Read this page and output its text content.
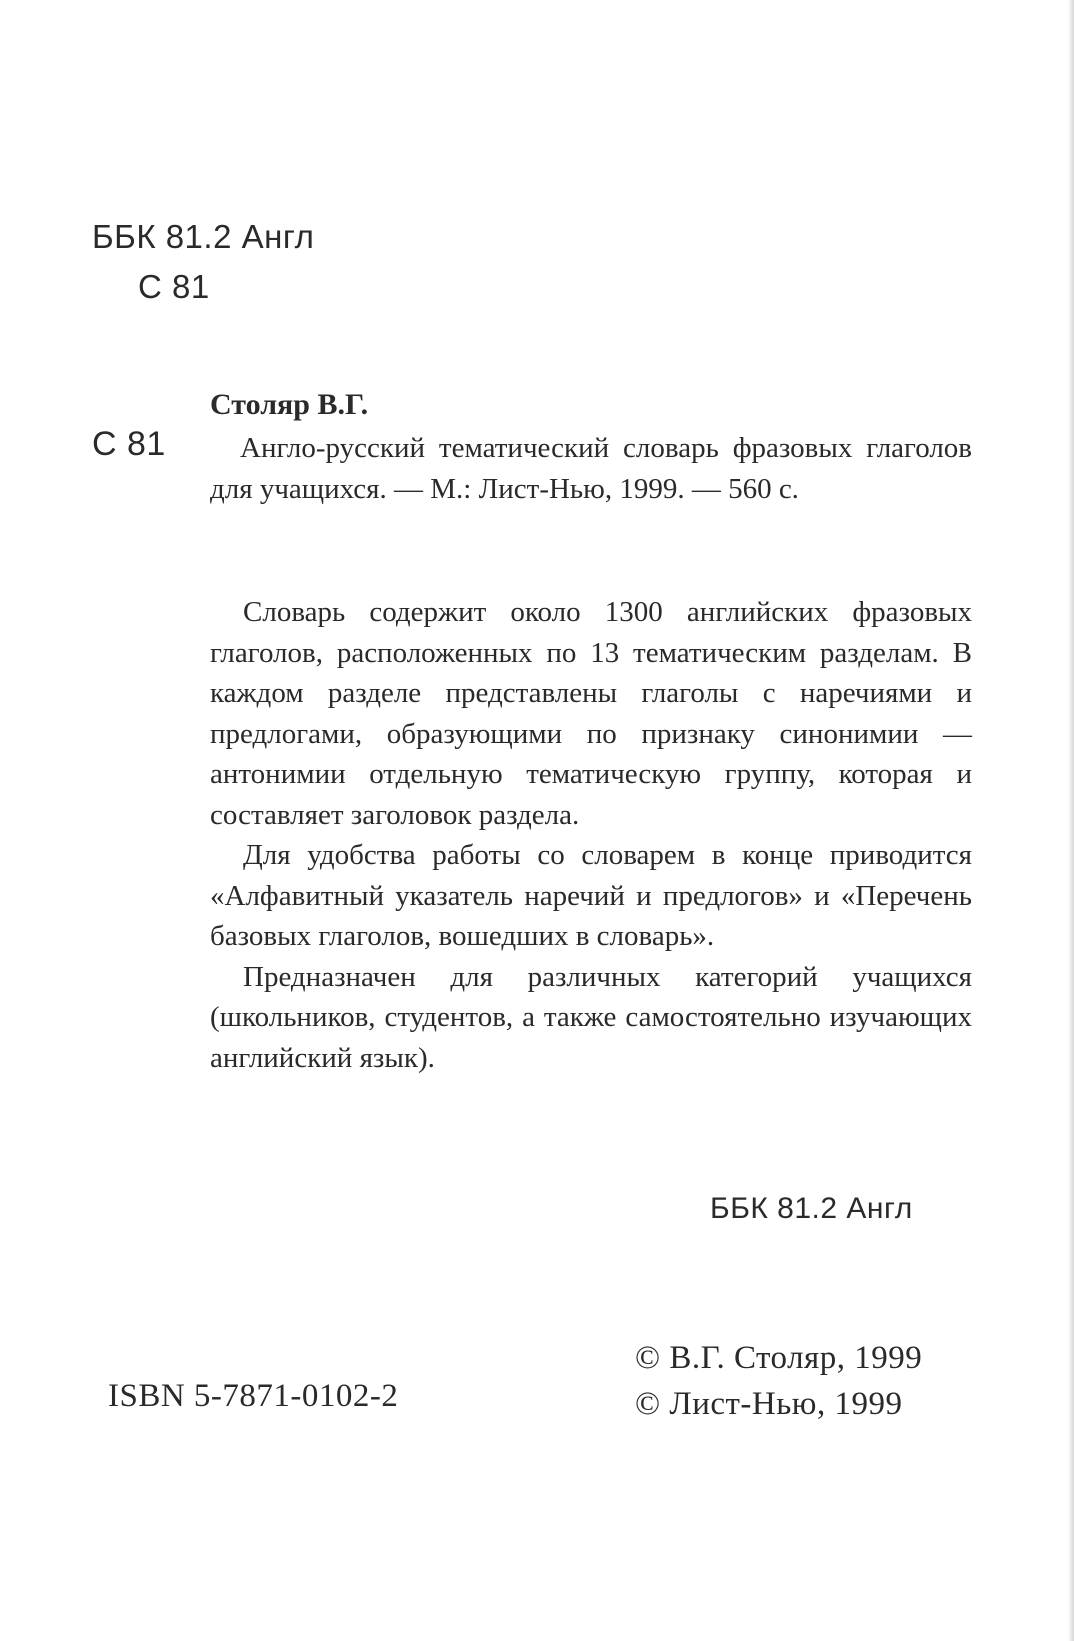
ББК 81.2 Англ
С 81
Столяр В.Г.
С 81	Англо-русский тематический словарь фразовых глаголов для учащихся. — М.: Лист-Нью, 1999. — 560 с.

Словарь содержит около 1300 английских фразовых глаголов, расположенных по 13 тематическим разделам. В каждом разделе представлены глаголы с наречиями и предлогами, образующими по признаку синонимии — антонимии отдельную тематическую группу, которая и составляет заголовок раздела.

Для удобства работы со словарем в конце приводится «Алфавитный указатель наречий и предлогов» и «Перечень базовых глаголов, вошедших в словарь».

Предназначен для различных категорий учащихся (школьников, студентов, а также самостоятельно изучающих английский язык).

ББК 81.2 Англ
ISBN 5-7871-0102-2
© В.Г. Столяр, 1999
© Лист-Нью, 1999
